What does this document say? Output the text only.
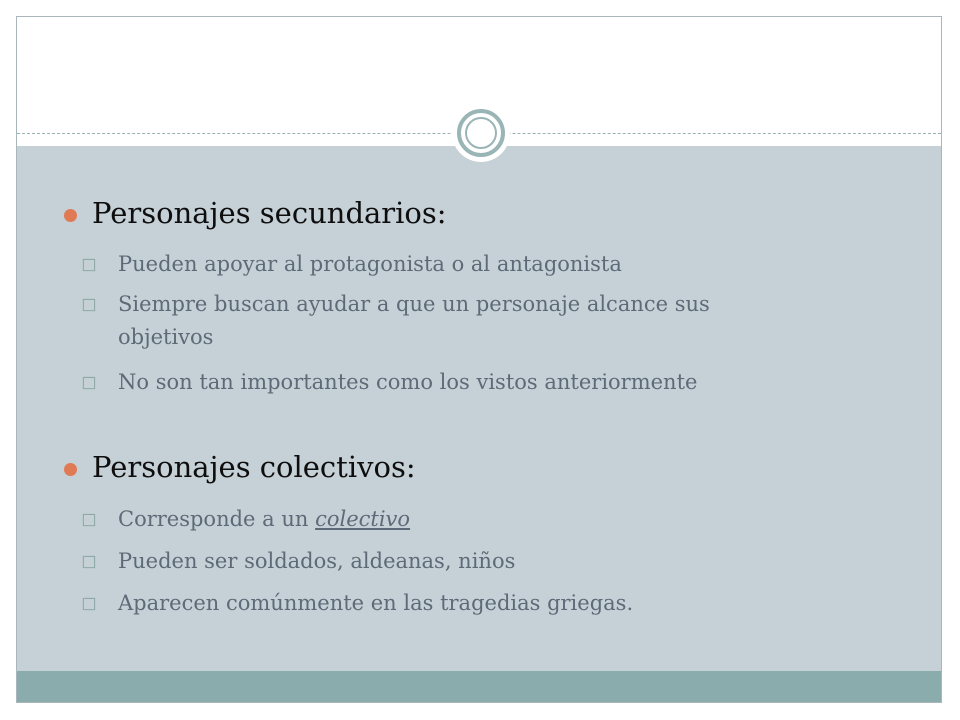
Personajes secundarios:
◻ Pueden apoyar al protagonista o al antagonista
◻ Siempre buscan ayudar a que un personaje alcance sus
objetivos
◻ No son tan importantes como los vistos anteriormente
Personajes colectivos:
◻ Corresponde a un colectivo
◻ Pueden ser soldados, aldeanas, niños
◻ Aparecen comúnmente en las tragedias griegas.
